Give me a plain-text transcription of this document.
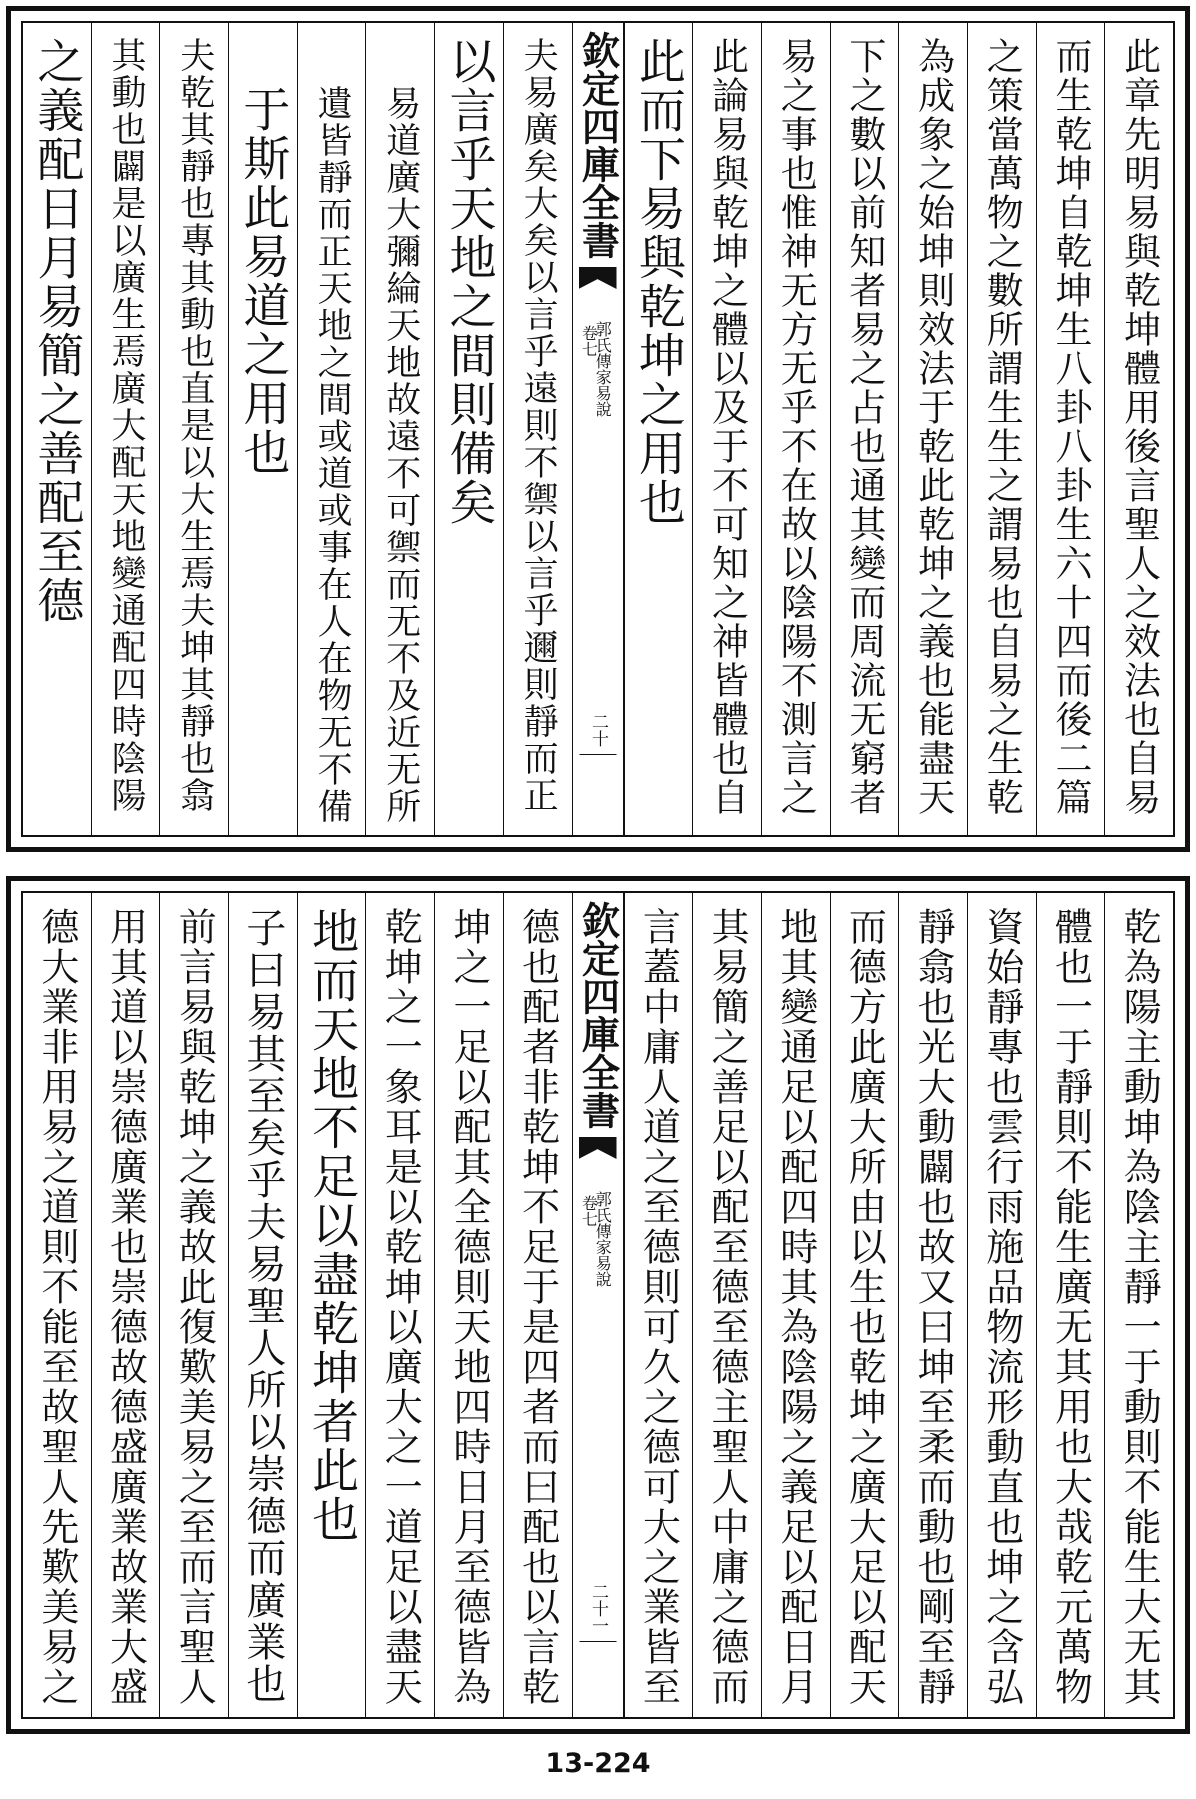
此章先明易與乾坤體用後言聖人之效法也自易
而生乾坤自乾坤生八卦八卦生六十四而後二篇
之策當萬物之數所謂生生之謂易也自易之生乾
為成象之始坤則效法于乾此乾坤之義也能盡天
下之數以前知者易之占也通其變而周流无窮者
易之事也惟神无方无乎不在故以陰陽不測言之
此論易與乾坤之體以及于不可知之神皆體也自
此而下易與乾坤之用也
欽定四庫全書
郭氏傳家易說
卷七
二十
夫易廣矣大矣以言乎遠則不禦以言乎邇則靜而正
以言乎天地之間則備矣
易道廣大彌綸天地故遠不可禦而无不及近无所
遺皆靜而正天地之間或道或事在人在物无不備
于斯此易道之用也
夫乾其靜也專其動也直是以大生焉夫坤其靜也翕
其動也闢是以廣生焉廣大配天地變通配四時陰陽
之義配日月易簡之善配至德
乾為陽主動坤為陰主靜一于動則不能生大无其
體也一于靜則不能生廣无其用也大哉乾元萬物
資始靜專也雲行雨施品物流形動直也坤之含弘
靜翕也光大動闢也故又曰坤至柔而動也剛至靜
而德方此廣大所由以生也乾坤之廣大足以配天
地其變通足以配四時其為陰陽之義足以配日月
其易簡之善足以配至德至德主聖人中庸之德而
言蓋中庸人道之至德則可久之德可大之業皆至
欽定四庫全書
郭氏傳家易說
卷七
二十一
德也配者非乾坤不足于是四者而曰配也以言乾
坤之一足以配其全德則天地四時日月至德皆為
乾坤之一象耳是以乾坤以廣大之一道足以盡天
地而天地不足以盡乾坤者此也
子曰易其至矣乎夫易聖人所以崇德而廣業也
前言易與乾坤之義故此復歎美易之至而言聖人
用其道以崇德廣業也崇德故德盛廣業故業大盛
德大業非用易之道則不能至故聖人先歎美易之
13-224
